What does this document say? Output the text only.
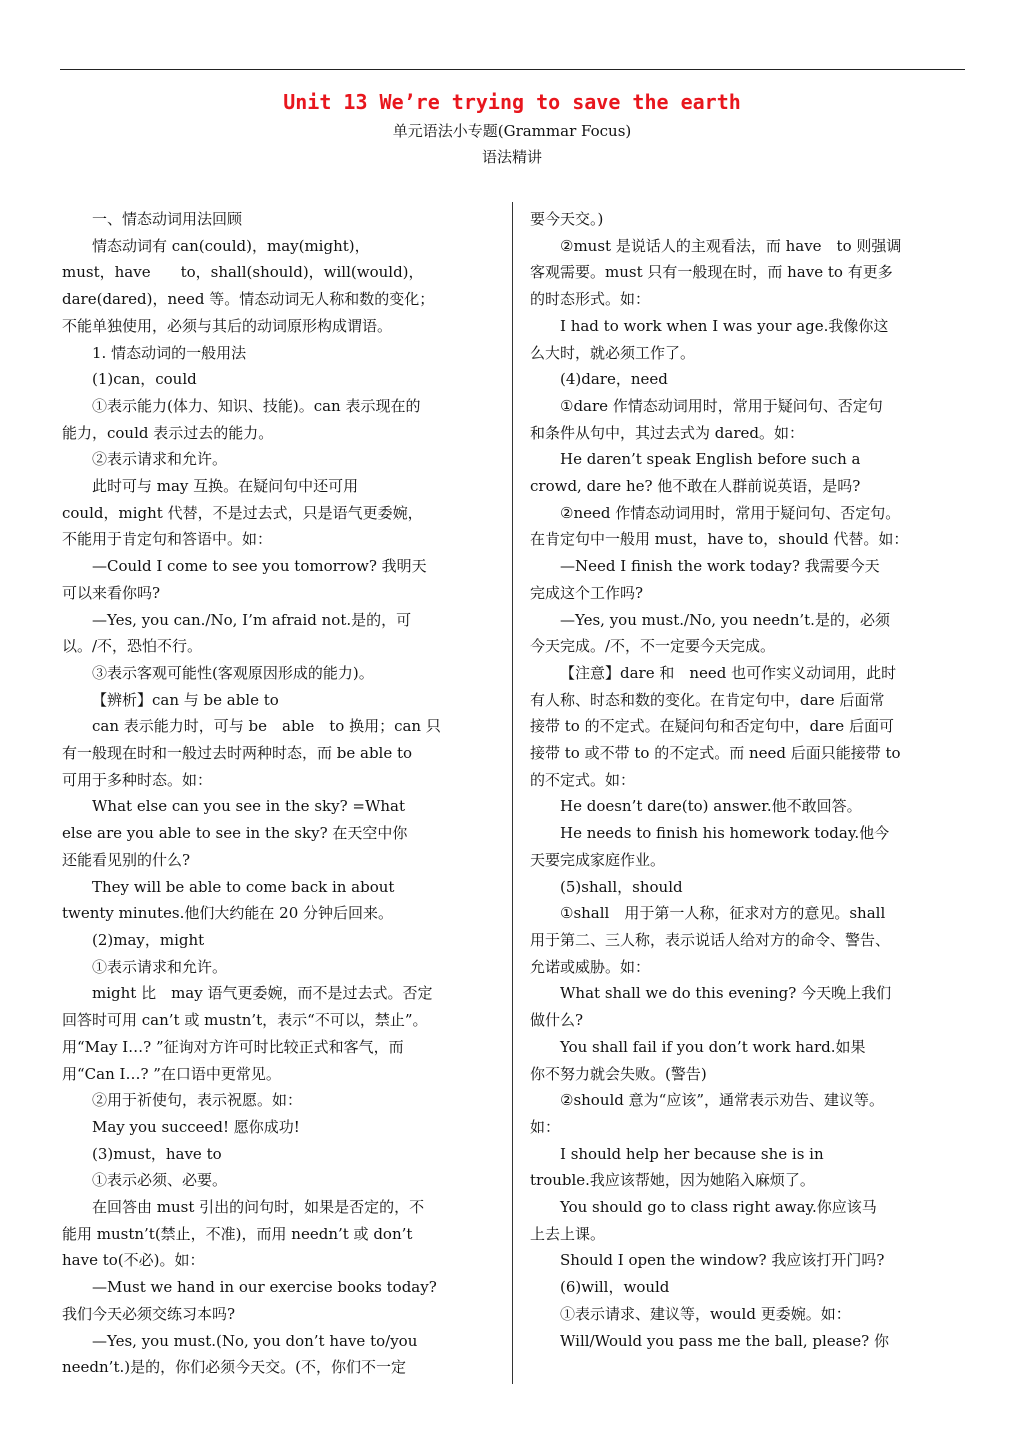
Unit 13 We’re trying to save the earth
单元语法小专题(Grammar Focus)
语法精讲

一、情态动词用法回顾

情态动词有 can(could)，may(might)，
must，have　　to，shall(should)，will(would)，
dare(dared)，need 等。情态动词无人称和数的变化；
不能单独使用，必须与其后的动词原形构成谓语。

1. 情态动词的一般用法

(1)can，could

①表示能力(体力、知识、技能)。can 表示现在的
能力，could 表示过去的能力。

②表示请求和允许。

此时可与 may 互换。在疑问句中还可用
could，might 代替，不是过去式，只是语气更委婉，
不能用于肯定句和答语中。如：

—Could I come to see you tomorrow? 我明天
可以来看你吗?

—Yes, you can./No, I’m afraid not.是的，可
以。/不，恐怕不行。

③表示客观可能性(客观原因形成的能力)。

【辨析】can 与 be able to

can 表示能力时，可与 be　able　to 换用；can 只
有一般现在时和一般过去时两种时态，而 be able to
可用于多种时态。如：

What else can you see in the sky? =What
else are you able to see in the sky? 在天空中你
还能看见别的什么?

They will be able to come back in about
twenty minutes.他们大约能在 20 分钟后回来。

(2)may，might

①表示请求和允许。

might 比　may 语气更委婉，而不是过去式。否定
回答时可用 can’t 或 mustn’t，表示“不可以，禁止”。
用“May I…? ”征询对方许可时比较正式和客气，而
用“Can I…? ”在口语中更常见。

②用于祈使句，表示祝愿。如：

May you succeed! 愿你成功!

(3)must，have to

①表示必须、必要。

在回答由 must 引出的问句时，如果是否定的，不
能用 mustn’t(禁止，不准)，而用 needn’t 或 don’t
have to(不必)。如：

—Must we hand in our exercise books today?
我们今天必须交练习本吗?

—Yes, you must.(No, you don’t have to/you
needn’t.)是的，你们必须今天交。(不，你们不一定

要今天交。)

②must 是说话人的主观看法，而 have　to 则强调
客观需要。must 只有一般现在时，而 have to 有更多
的时态形式。如：

I had to work when I was your age.我像你这
么大时，就必须工作了。

(4)dare，need

①dare 作情态动词用时，常用于疑问句、否定句
和条件从句中，其过去式为 dared。如：

He daren’t speak English before such a
crowd, dare he? 他不敢在人群前说英语，是吗?

②need 作情态动词用时，常用于疑问句、否定句。
在肯定句中一般用 must，have to，should 代替。如：

—Need I finish the work today? 我需要今天
完成这个工作吗?

—Yes, you must./No, you needn’t.是的，必须
今天完成。/不，不一定要今天完成。

【注意】dare 和　need 也可作实义动词用，此时
有人称、时态和数的变化。在肯定句中，dare 后面常
接带 to 的不定式。在疑问句和否定句中，dare 后面可
接带 to 或不带 to 的不定式。而 need 后面只能接带 to
的不定式。如：

He doesn’t dare(to) answer.他不敢回答。

He needs to finish his homework today.他今
天要完成家庭作业。

(5)shall，should

①shall　用于第一人称，征求对方的意见。shall
用于第二、三人称，表示说话人给对方的命令、警告、
允诺或威胁。如：

What shall we do this evening? 今天晚上我们
做什么?

You shall fail if you don’t work hard.如果
你不努力就会失败。(警告)

②should 意为“应该”，通常表示劝告、建议等。
如：

I should help her because she is in
trouble.我应该帮她，因为她陷入麻烦了。

You should go to class right away.你应该马
上去上课。

Should I open the window? 我应该打开门吗?

(6)will，would

①表示请求、建议等，would 更委婉。如：

Will/Would you pass me the ball, please? 你
